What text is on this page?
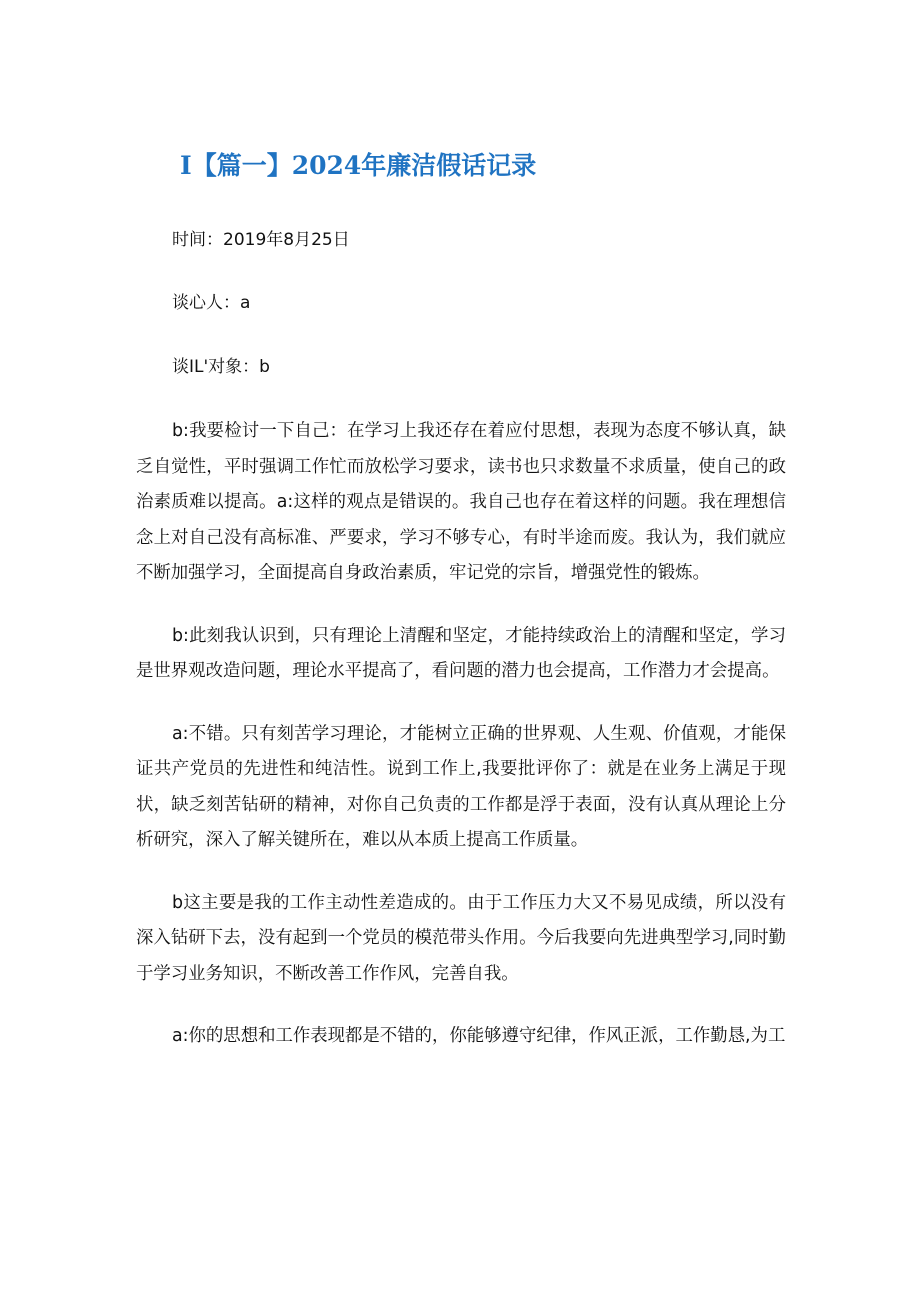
I【篇一】2024年廉洁假话记录

时间：2019年8月25日

谈心人：a

谈IL'对象：b

b:我要检讨一下自己：在学习上我还存在着应付思想，表现为态度不够认真，缺乏自觉性，平时强调工作忙而放松学习要求，读书也只求数量不求质量，使自己的政治素质难以提高。a:这样的观点是错误的。我自己也存在着这样的问题。我在理想信念上对自己没有高标准、严要求，学习不够专心，有时半途而废。我认为，我们就应不断加强学习，全面提高自身政治素质，牢记党的宗旨，增强党性的锻炼。

b:此刻我认识到，只有理论上清醒和坚定，才能持续政治上的清醒和坚定，学习是世界观改造问题，理论水平提高了，看问题的潜力也会提高，工作潜力才会提高。

a:不错。只有刻苦学习理论，才能树立正确的世界观、人生观、价值观，才能保证共产党员的先进性和纯洁性。说到工作上,我要批评你了：就是在业务上满足于现状，缺乏刻苦钻研的精神，对你自己负责的工作都是浮于表面，没有认真从理论上分析研究，深入了解关键所在，难以从本质上提高工作质量。

b这主要是我的工作主动性差造成的。由于工作压力大又不易见成绩，所以没有深入钻研下去，没有起到一个党员的模范带头作用。今后我要向先进典型学习,同时勤于学习业务知识，不断改善工作作风，完善自我。

a:你的思想和工作表现都是不错的，你能够遵守纪律，作风正派，工作勤恳,为工
